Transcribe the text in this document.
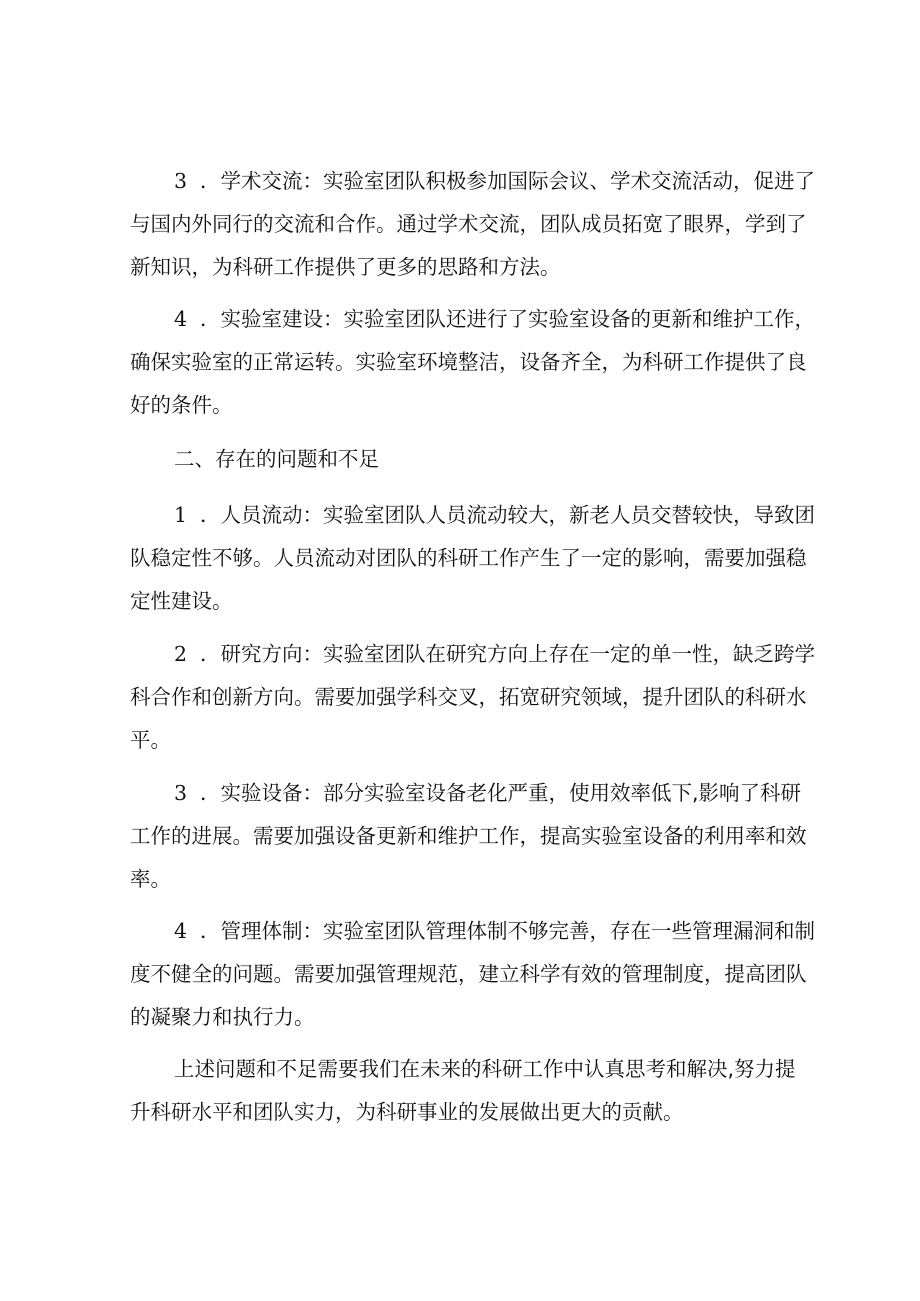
3 ．学术交流：实验室团队积极参加国际会议、学术交流活动，促进了
与国内外同行的交流和合作。通过学术交流，团队成员拓宽了眼界，学到了
新知识，为科研工作提供了更多的思路和方法。

4 ．实验室建设：实验室团队还进行了实验室设备的更新和维护工作，
确保实验室的正常运转。实验室环境整洁，设备齐全，为科研工作提供了良
好的条件。

二、存在的问题和不足

1 ．人员流动：实验室团队人员流动较大，新老人员交替较快，导致团
队稳定性不够。人员流动对团队的科研工作产生了一定的影响，需要加强稳
定性建设。

2 ．研究方向：实验室团队在研究方向上存在一定的单一性，缺乏跨学
科合作和创新方向。需要加强学科交叉，拓宽研究领域，提升团队的科研水
平。

3 ．实验设备：部分实验室设备老化严重，使用效率低下,影响了科研
工作的进展。需要加强设备更新和维护工作，提高实验室设备的利用率和效
率。

4 ．管理体制：实验室团队管理体制不够完善，存在一些管理漏洞和制
度不健全的问题。需要加强管理规范，建立科学有效的管理制度，提高团队
的凝聚力和执行力。

上述问题和不足需要我们在未来的科研工作中认真思考和解决,努力提
升科研水平和团队实力，为科研事业的发展做出更大的贡献。
